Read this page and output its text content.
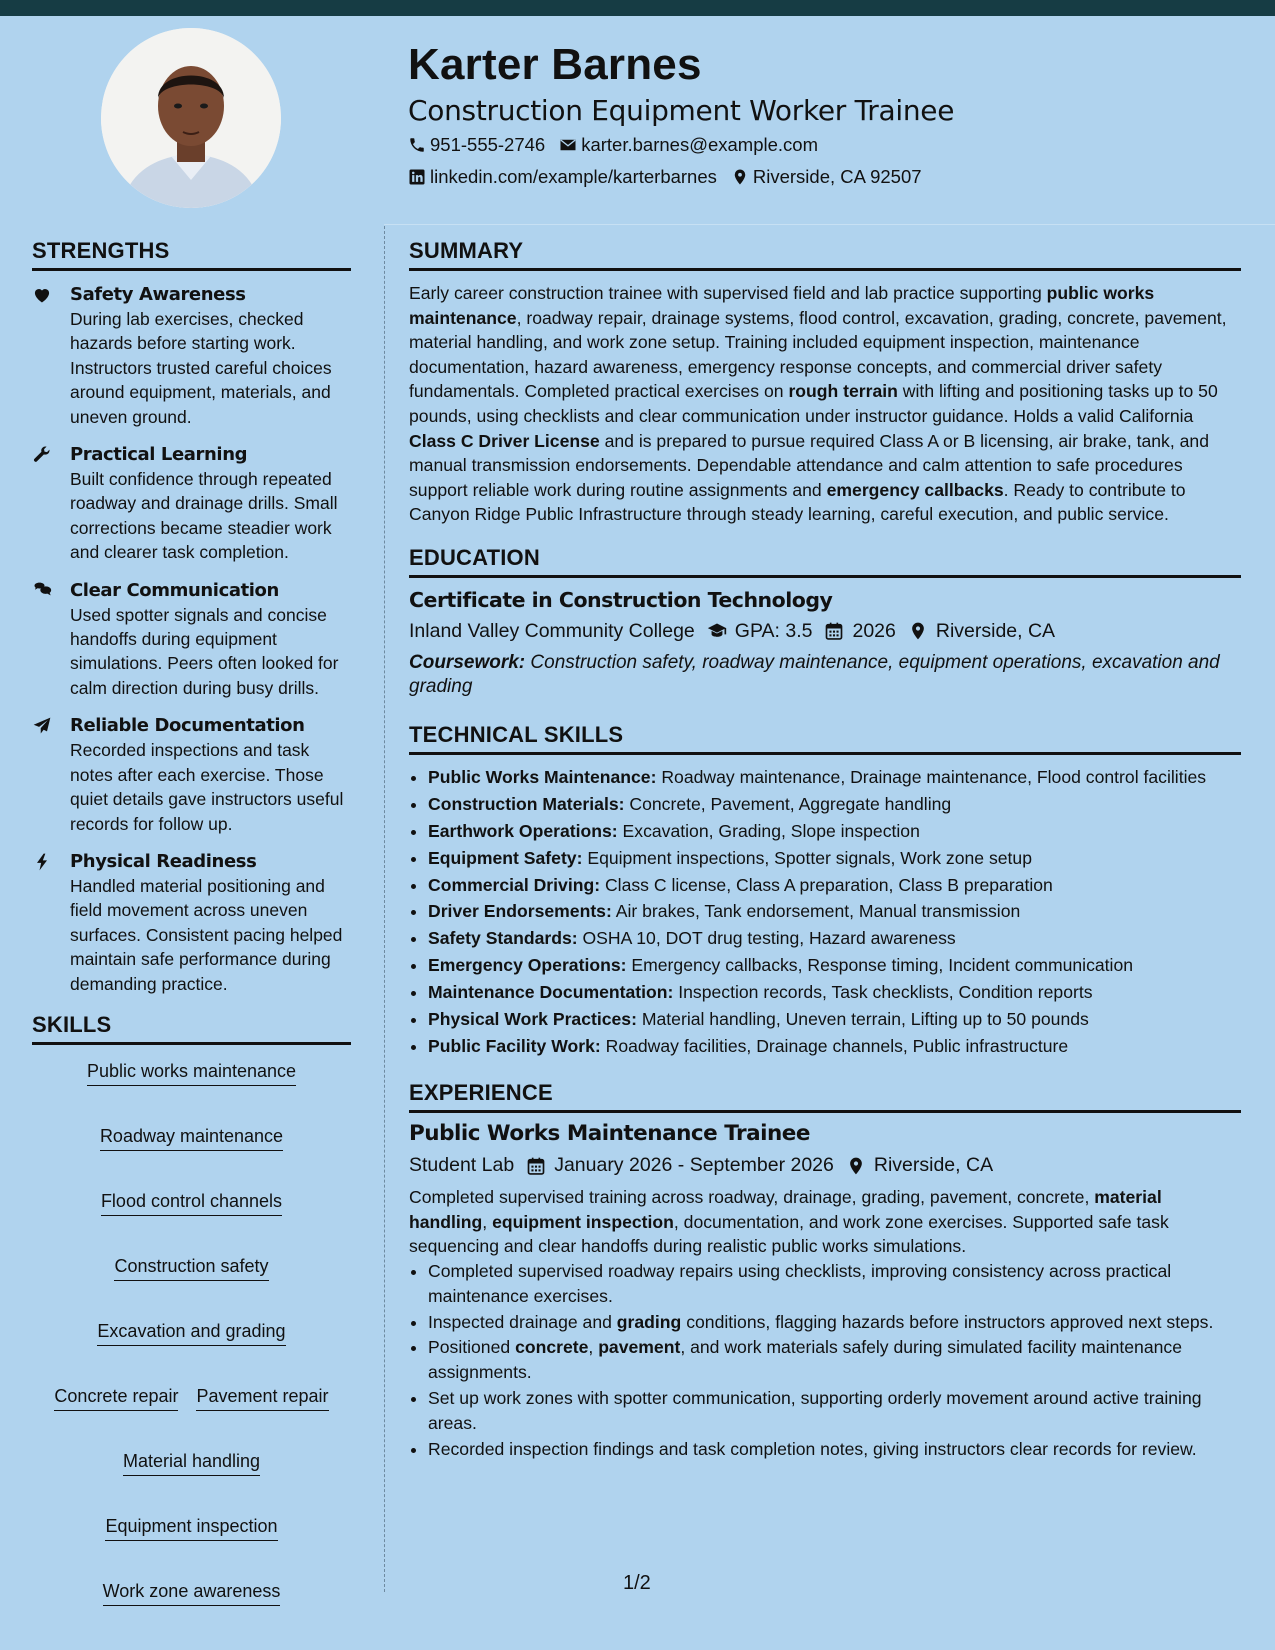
Karter Barnes
Construction Equipment Worker Trainee
951-555-2746 karter.barnes@example.com
linkedin.com/example/karterbarnes Riverside, CA 92507
STRENGTHS
Safety Awareness
During lab exercises, checked hazards before starting work. Instructors trusted careful choices around equipment, materials, and uneven ground.
Practical Learning
Built confidence through repeated roadway and drainage drills. Small corrections became steadier work and clearer task completion.
Clear Communication
Used spotter signals and concise handoffs during equipment simulations. Peers often looked for calm direction during busy drills.
Reliable Documentation
Recorded inspections and task notes after each exercise. Those quiet details gave instructors useful records for follow up.
Physical Readiness
Handled material positioning and field movement across uneven surfaces. Consistent pacing helped maintain safe performance during demanding practice.
SKILLS
Public works maintenance
Roadway maintenance
Flood control channels
Construction safety
Excavation and grading
Concrete repair Pavement repair
Material handling
Equipment inspection
Work zone awareness
SUMMARY

Early career construction trainee with supervised field and lab practice supporting public works maintenance, roadway repair, drainage systems, flood control, excavation, grading, concrete, pavement, material handling, and work zone setup. Training included equipment inspection, maintenance documentation, hazard awareness, emergency response concepts, and commercial driver safety fundamentals. Completed practical exercises on rough terrain with lifting and positioning tasks up to 50 pounds, using checklists and clear communication under instructor guidance. Holds a valid California Class C Driver License and is prepared to pursue required Class A or B licensing, air brake, tank, and manual transmission endorsements. Dependable attendance and calm attention to safe procedures support reliable work during routine assignments and emergency callbacks. Ready to contribute to Canyon Ridge Public Infrastructure through steady learning, careful execution, and public service.

EDUCATION
Certificate in Construction Technology
Inland Valley Community College GPA: 3.5 2026 Riverside, CA
Coursework: Construction safety, roadway maintenance, equipment operations, excavation and grading
TECHNICAL SKILLS
• Public Works Maintenance: Roadway maintenance, Drainage maintenance, Flood control facilities
• Construction Materials: Concrete, Pavement, Aggregate handling
• Earthwork Operations: Excavation, Grading, Slope inspection
• Equipment Safety: Equipment inspections, Spotter signals, Work zone setup
• Commercial Driving: Class C license, Class A preparation, Class B preparation
• Driver Endorsements: Air brakes, Tank endorsement, Manual transmission
• Safety Standards: OSHA 10, DOT drug testing, Hazard awareness
• Emergency Operations: Emergency callbacks, Response timing, Incident communication
• Maintenance Documentation: Inspection records, Task checklists, Condition reports
• Physical Work Practices: Material handling, Uneven terrain, Lifting up to 50 pounds
• Public Facility Work: Roadway facilities, Drainage channels, Public infrastructure
EXPERIENCE
Public Works Maintenance Trainee
Student Lab January 2026 - September 2026 Riverside, CA
Completed supervised training across roadway, drainage, grading, pavement, concrete, material handling, equipment inspection, documentation, and work zone exercises. Supported safe task sequencing and clear handoffs during realistic public works simulations.
• Completed supervised roadway repairs using checklists, improving consistency across practical maintenance exercises.
• Inspected drainage and grading conditions, flagging hazards before instructors approved next steps.
• Positioned concrete, pavement, and work materials safely during simulated facility maintenance assignments.
• Set up work zones with spotter communication, supporting orderly movement around active training areas.
• Recorded inspection findings and task completion notes, giving instructors clear records for review.
1/2
